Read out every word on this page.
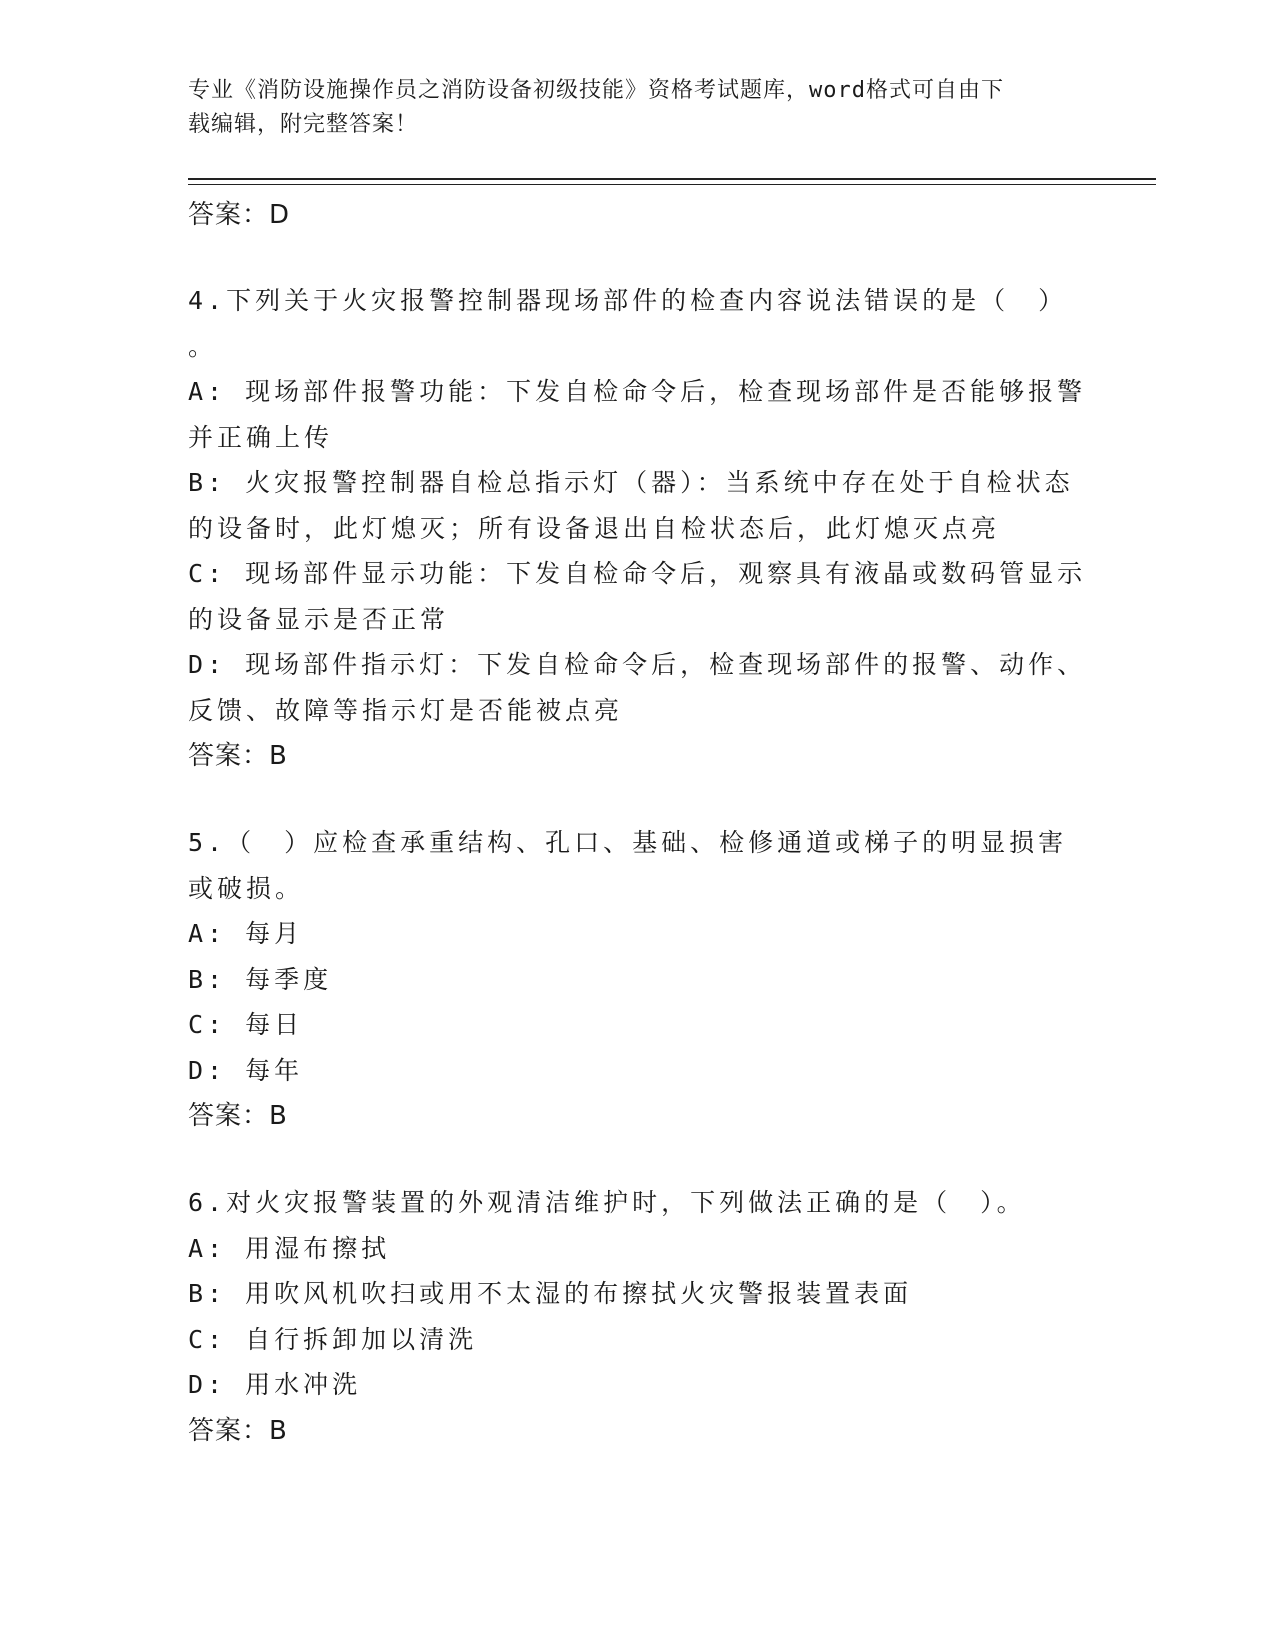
专业《消防设施操作员之消防设备初级技能》资格考试题库，word格式可自由下
载编辑，附完整答案！

答案：D

4.下列关于火灾报警控制器现场部件的检查内容说法错误的是（　）

。

A: 现场部件报警功能：下发自检命令后，检查现场部件是否能够报警

并正确上传

B: 火灾报警控制器自检总指示灯（器）：当系统中存在处于自检状态

的设备时，此灯熄灭；所有设备退出自检状态后，此灯熄灭点亮

C: 现场部件显示功能：下发自检命令后，观察具有液晶或数码管显示

的设备显示是否正常

D: 现场部件指示灯：下发自检命令后，检查现场部件的报警、动作、

反馈、故障等指示灯是否能被点亮

答案：B

5.（　）应检查承重结构、孔口、基础、检修通道或梯子的明显损害

或破损。

A: 每月

B: 每季度

C: 每日

D: 每年

答案：B

6.对火灾报警装置的外观清洁维护时，下列做法正确的是（　）。

A: 用湿布擦拭

B: 用吹风机吹扫或用不太湿的布擦拭火灾警报装置表面

C: 自行拆卸加以清洗

D: 用水冲洗

答案：B
